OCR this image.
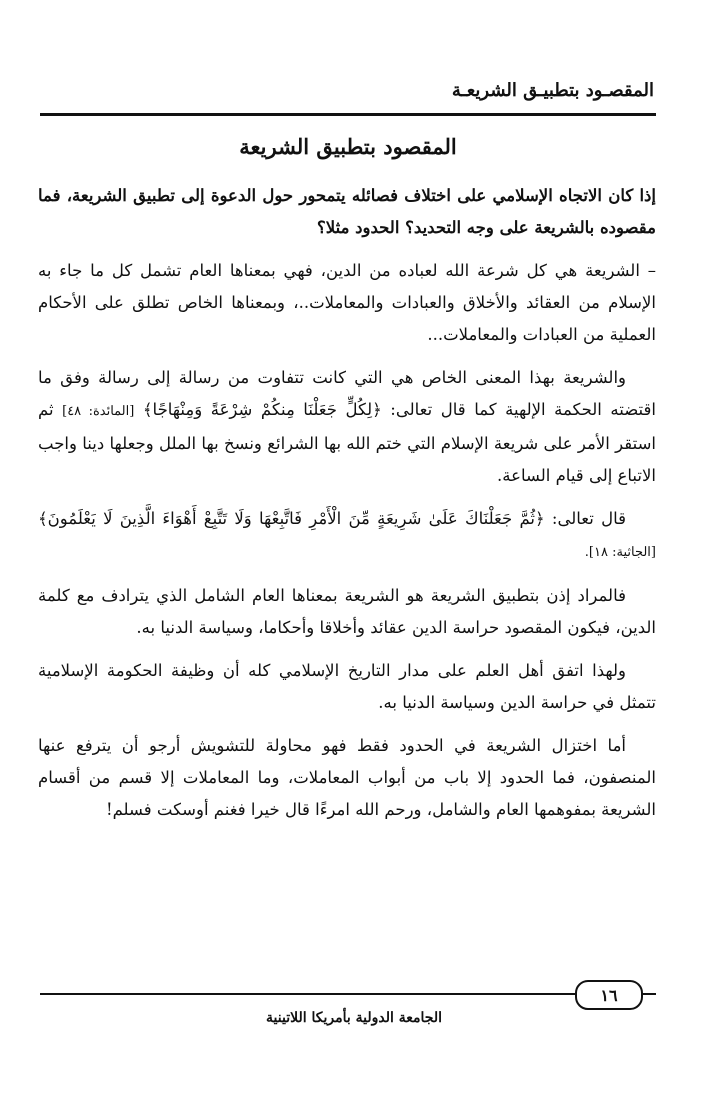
المقصـود بتطبيـق الشريعـة
المقصود بتطبيق الشريعة

إذا كان الاتجاه الإسلامي على اختلاف فصائله يتمحور حول الدعوة إلى تطبيق الشريعة، فما مقصوده بالشريعة على وجه التحديد؟ الحدود مثلا؟

– الشريعة هي كل شرعة الله لعباده من الدين، فهي بمعناها العام تشمل كل ما جاء به الإسلام من العقائد والأخلاق والعبادات والمعاملات..، وبمعناها الخاص تطلق على الأحكام العملية من العبادات والمعاملات...

والشريعة بهذا المعنى الخاص هي التي كانت تتفاوت من رسالة إلى رسالة وفق ما اقتضته الحكمة الإلهية كما قال تعالى: ﴿لِكُلٍّ جَعَلْنَا مِنكُمْ شِرْعَةً وَمِنْهَاجًا﴾ [المائدة: ٤٨] ثم استقر الأمر على شريعة الإسلام التي ختم الله بها الشرائع ونسخ بها الملل وجعلها دينا واجب الاتباع إلى قيام الساعة.

قال تعالى: ﴿ثُمَّ جَعَلْنَاكَ عَلَىٰ شَرِيعَةٍ مِّنَ الْأَمْرِ فَاتَّبِعْهَا وَلَا تَتَّبِعْ أَهْوَاءَ الَّذِينَ لَا يَعْلَمُونَ﴾ [الجاثية: ١٨].

فالمراد إذن بتطبيق الشريعة هو الشريعة بمعناها العام الشامل الذي يترادف مع كلمة الدين، فيكون المقصود حراسة الدين عقائد وأخلاقا وأحكاما، وسياسة الدنيا به.

ولهذا اتفق أهل العلم على مدار التاريخ الإسلامي كله أن وظيفة الحكومة الإسلامية تتمثل في حراسة الدين وسياسة الدنيا به.

أما اختزال الشريعة في الحدود فقط فهو محاولة للتشويش أرجو أن يترفع عنها المنصفون، فما الحدود إلا باب من أبواب المعاملات، وما المعاملات إلا قسم من أقسام الشريعة بمفوهمها العام والشامل، ورحم الله امرءًا قال خيرا فغنم أوسكت فسلم!

١٦
الجامعة الدولية بأمريكا اللاتينية
